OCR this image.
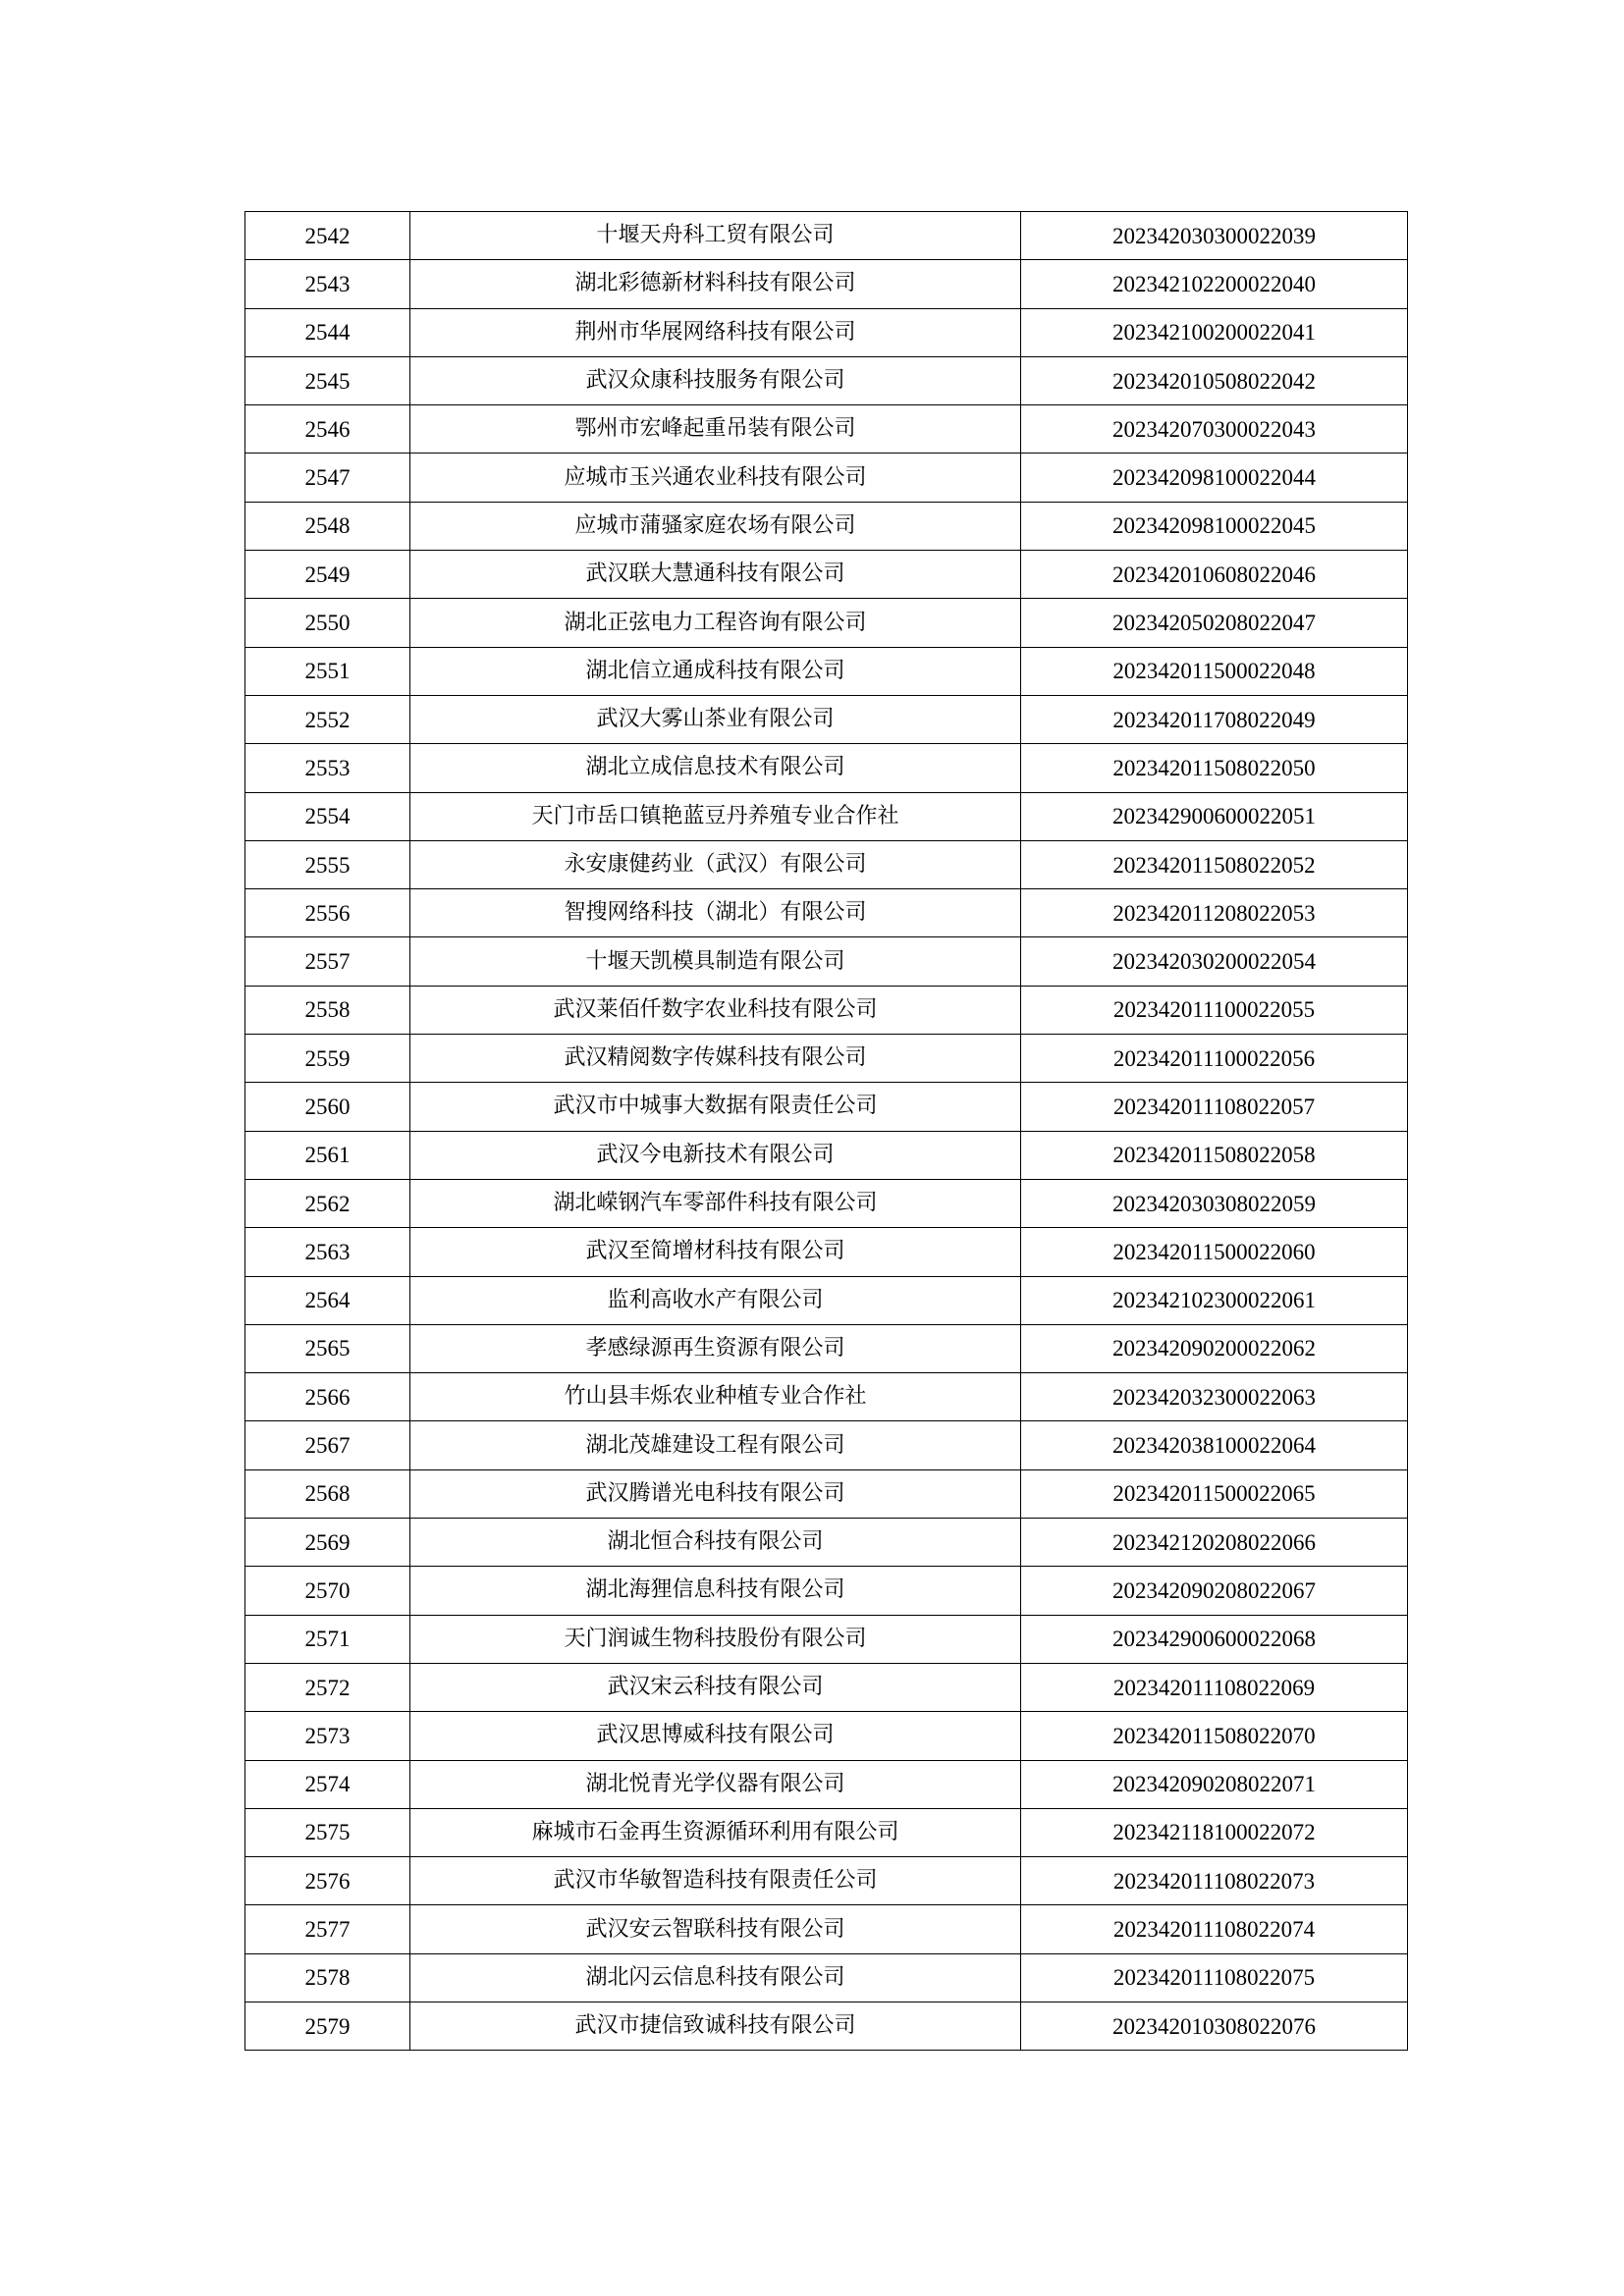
2542	十堰天舟科工贸有限公司	202342030300022039
2543	湖北彩德新材料科技有限公司	202342102200022040
2544	荆州市华展网络科技有限公司	202342100200022041
2545	武汉众康科技服务有限公司	202342010508022042
2546	鄂州市宏峰起重吊装有限公司	202342070300022043
2547	应城市玉兴通农业科技有限公司	202342098100022044
2548	应城市蒲骚家庭农场有限公司	202342098100022045
2549	武汉联大慧通科技有限公司	202342010608022046
2550	湖北正弦电力工程咨询有限公司	202342050208022047
2551	湖北信立通成科技有限公司	202342011500022048
2552	武汉大雾山茶业有限公司	202342011708022049
2553	湖北立成信息技术有限公司	202342011508022050
2554	天门市岳口镇艳蓝豆丹养殖专业合作社	202342900600022051
2555	永安康健药业（武汉）有限公司	202342011508022052
2556	智搜网络科技（湖北）有限公司	202342011208022053
2557	十堰天凯模具制造有限公司	202342030200022054
2558	武汉莱佰仟数字农业科技有限公司	202342011100022055
2559	武汉精阅数字传媒科技有限公司	202342011100022056
2560	武汉市中城事大数据有限责任公司	202342011108022057
2561	武汉今电新技术有限公司	202342011508022058
2562	湖北嵘钢汽车零部件科技有限公司	202342030308022059
2563	武汉至简增材科技有限公司	202342011500022060
2564	监利高收水产有限公司	202342102300022061
2565	孝感绿源再生资源有限公司	202342090200022062
2566	竹山县丰烁农业种植专业合作社	202342032300022063
2567	湖北茂雄建设工程有限公司	202342038100022064
2568	武汉腾谱光电科技有限公司	202342011500022065
2569	湖北恒合科技有限公司	202342120208022066
2570	湖北海狸信息科技有限公司	202342090208022067
2571	天门润诚生物科技股份有限公司	202342900600022068
2572	武汉宋云科技有限公司	202342011108022069
2573	武汉思博威科技有限公司	202342011508022070
2574	湖北悦青光学仪器有限公司	202342090208022071
2575	麻城市石金再生资源循环利用有限公司	202342118100022072
2576	武汉市华敏智造科技有限责任公司	202342011108022073
2577	武汉安云智联科技有限公司	202342011108022074
2578	湖北闪云信息科技有限公司	202342011108022075
2579	武汉市捷信致诚科技有限公司	202342010308022076
